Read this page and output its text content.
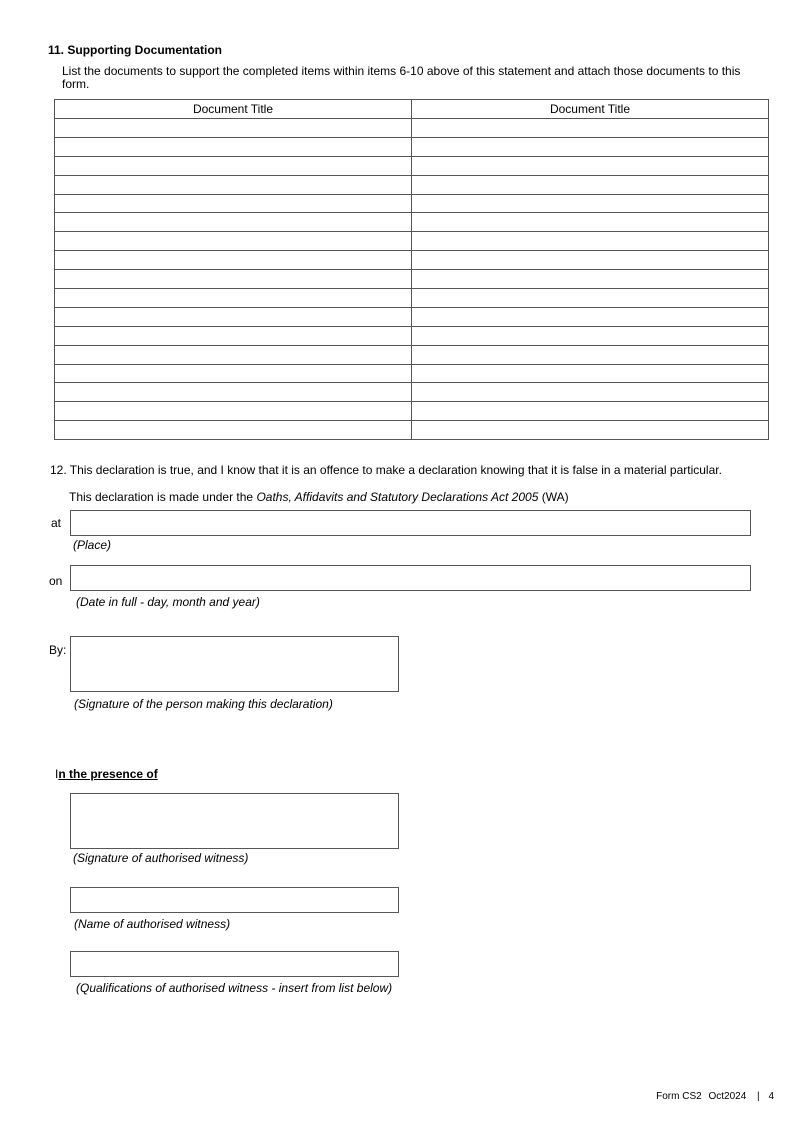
11. Supporting Documentation
List the documents to support the completed items within items 6-10 above of this statement and attach those documents to this form.
Document Title	Document Title

12. This declaration is true, and I know that it is an offence to make a declaration knowing that it is false in a material particular.
This declaration is made under the Oaths, Affidavits and Statutory Declarations Act 2005 (WA)
at
(Place)
on
(Date in full - day, month and year)
By:
(Signature of the person making this declaration)
In the presence of
(Signature of authorised witness)
(Name of authorised witness)
(Qualifications of authorised witness - insert from list below)
Form CS2 Oct2024 | 4
